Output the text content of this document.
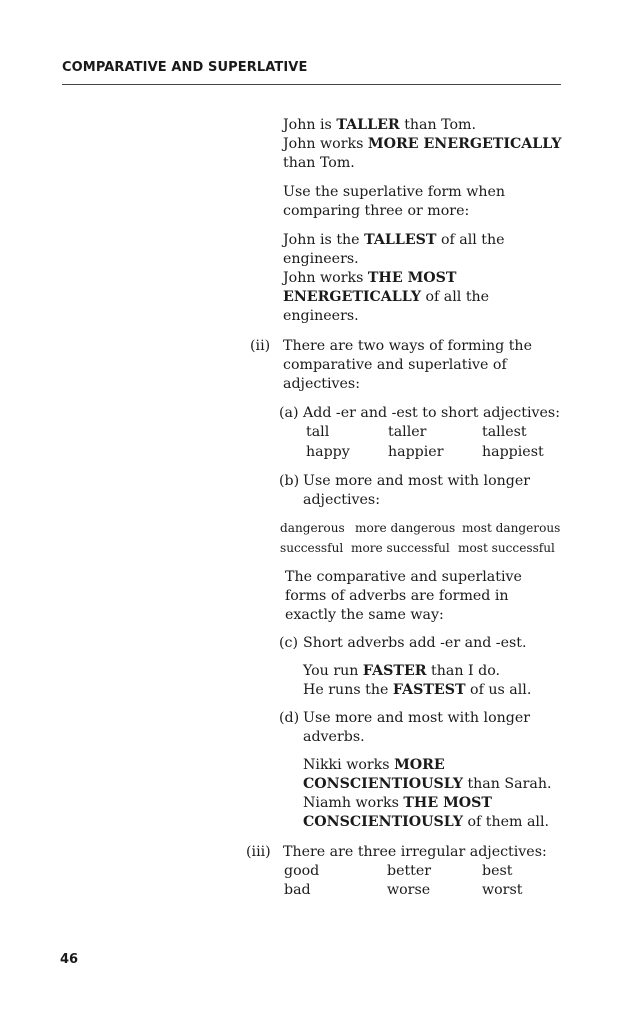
COMPARATIVE AND SUPERLATIVE
John is TALLER than Tom.
John works MORE ENERGETICALLY
than Tom.
Use the superlative form when
comparing three or more:
John is the TALLEST of all the
engineers.
John works THE MOST
ENERGETICALLY of all the
engineers.
(ii) There are two ways of forming the
comparative and superlative of
adjectives:
(a) Add -er and -est to short adjectives:
tall	taller	tallest
happy	happier	happiest
(b) Use more and most with longer
adjectives:
dangerous more dangerous most dangerous
successful more successful most successful
The comparative and superlative
forms of adverbs are formed in
exactly the same way:
(c) Short adverbs add -er and -est.
You run FASTER than I do.
He runs the FASTEST of us all.
(d) Use more and most with longer
adverbs.
Nikki works MORE
CONSCIENTIOUSLY than Sarah.
Niamh works THE MOST
CONSCIENTIOUSLY of them all.
(iii) There are three irregular adjectives:
good	better	best
bad	worse	worst
46
